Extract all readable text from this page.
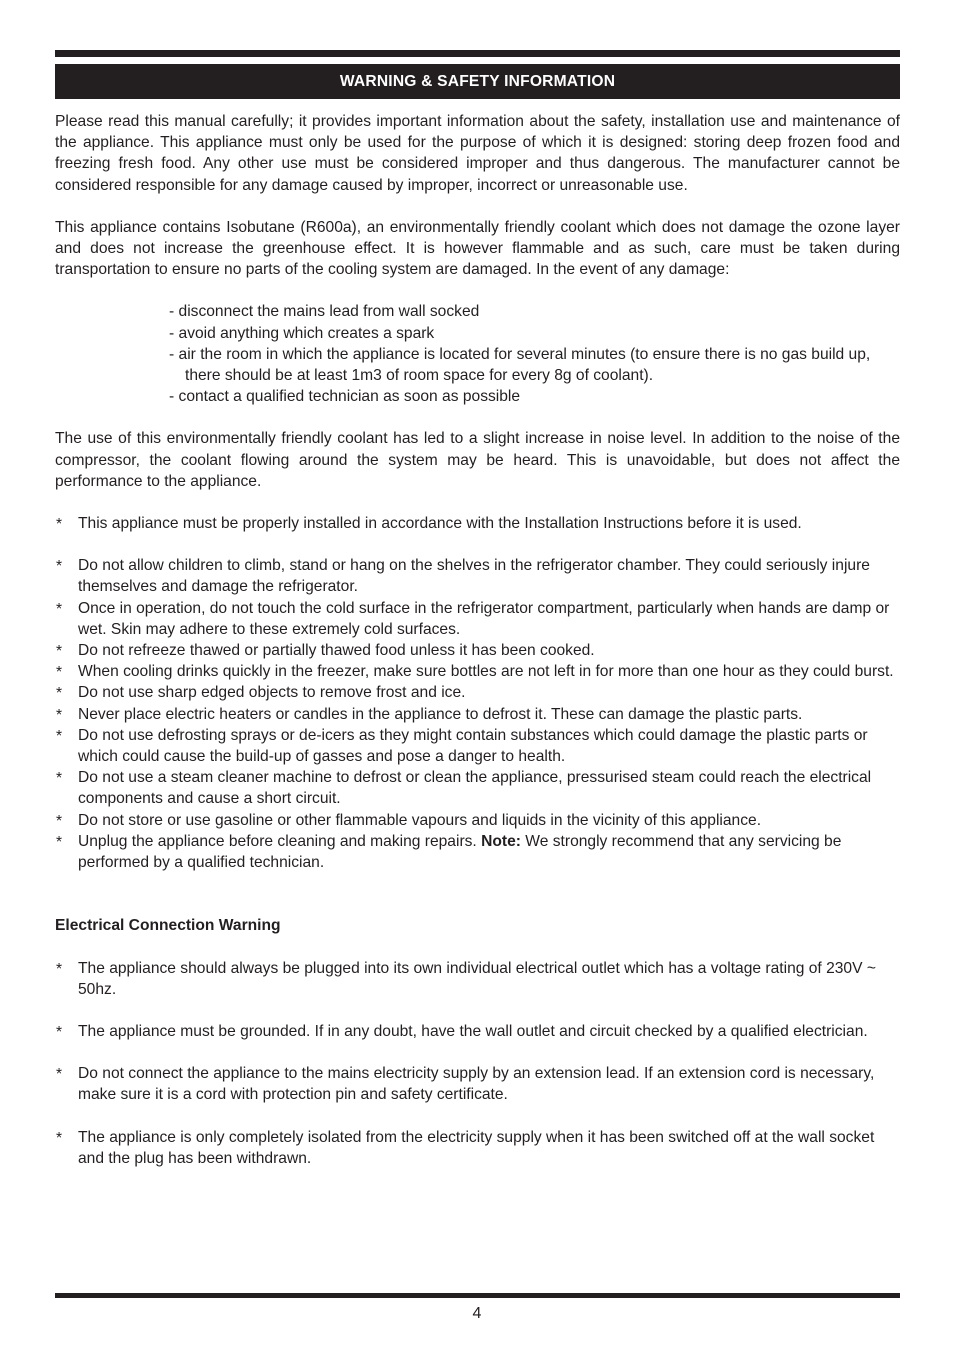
WARNING & SAFETY INFORMATION

Please read this manual carefully; it provides important information about the safety, installation use and maintenance of the appliance. This appliance must only be used for the purpose of which it is designed: storing deep frozen food and freezing fresh food. Any other use must be considered improper and thus dangerous. The manufacturer cannot be considered responsible for any damage caused by improper, incorrect or unreasonable use.

This appliance contains Isobutane (R600a), an environmentally friendly coolant which does not damage the ozone layer and does not increase the greenhouse effect. It is however flammable and as such, care must be taken during transportation to ensure no parts of the cooling system are damaged. In the event of any damage:

- disconnect the mains lead from wall socked
- avoid anything which creates a spark
- air the room in which the appliance is located for several minutes (to ensure there is no gas build up, there should be at least 1m3 of room space for every 8g of coolant).
- contact a qualified technician as soon as possible

The use of this environmentally friendly coolant has led to a slight increase in noise level. In addition to the noise of the compressor, the coolant flowing around the system may be heard. This is unavoidable, but does not affect the performance to the appliance.

* This appliance must be properly installed in accordance with the Installation Instructions before it is used.
* Do not allow children to climb, stand or hang on the shelves in the refrigerator chamber. They could seriously injure themselves and damage the refrigerator.
* Once in operation, do not touch the cold surface in the refrigerator compartment, particularly when hands are damp or wet. Skin may adhere to these extremely cold surfaces.
* Do not refreeze thawed or partially thawed food unless it has been cooked.
* When cooling drinks quickly in the freezer, make sure bottles are not left in for more than one hour as they could burst.
* Do not use sharp edged objects to remove frost and ice.
* Never place electric heaters or candles in the appliance to defrost it. These can damage the plastic parts.
* Do not use defrosting sprays or de-icers as they might contain substances which could damage the plastic parts or which could cause the build-up of gasses and pose a danger to health.
* Do not use a steam cleaner machine to defrost or clean the appliance, pressurised steam could reach the electrical components and cause a short circuit.
* Do not store or use gasoline or other flammable vapours and liquids in the vicinity of this appliance.
* Unplug the appliance before cleaning and making repairs. Note: We strongly recommend that any servicing be performed by a qualified technician.

Electrical Connection Warning

* The appliance should always be plugged into its own individual electrical outlet which has a voltage rating of 230V ~ 50hz.
* The appliance must be grounded. If in any doubt, have the wall outlet and circuit checked by a qualified electrician.
* Do not connect the appliance to the mains electricity supply by an extension lead. If an extension cord is necessary, make sure it is a cord with protection pin and safety certificate.
* The appliance is only completely isolated from the electricity supply when it has been switched off at the wall socket and the plug has been withdrawn.
4
